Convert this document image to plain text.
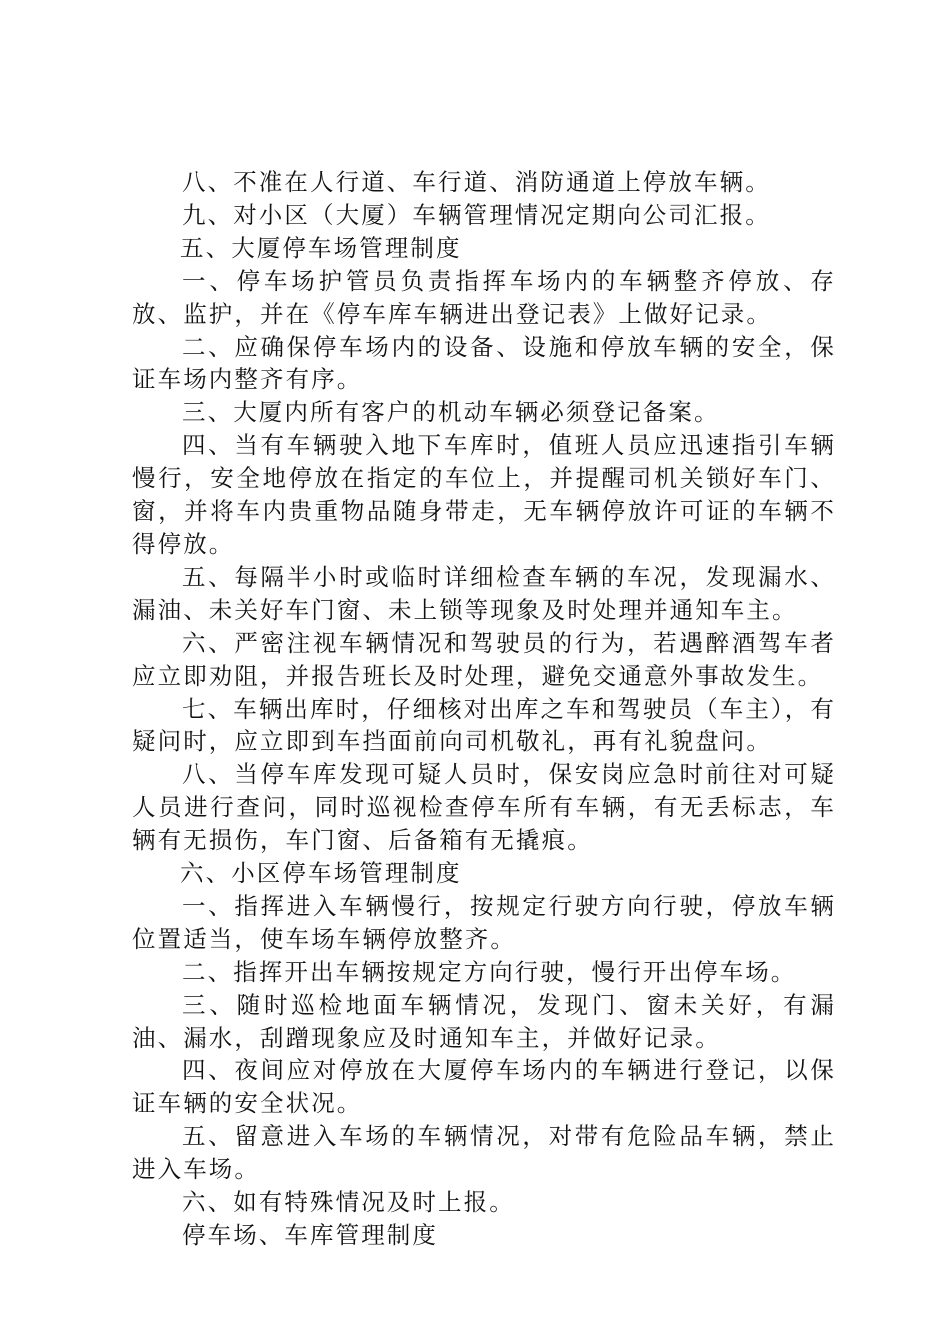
八、不准在人行道、车行道、消防通道上停放车辆。

九、对小区（大厦）车辆管理情况定期向公司汇报。

五、大厦停车场管理制度

一、停车场护管员负责指挥车场内的车辆整齐停放、存放、监护，并在《停车库车辆进出登记表》上做好记录。

二、应确保停车场内的设备、设施和停放车辆的安全，保证车场内整齐有序。

三、大厦内所有客户的机动车辆必须登记备案。

四、当有车辆驶入地下车库时，值班人员应迅速指引车辆慢行，安全地停放在指定的车位上，并提醒司机关锁好车门、窗，并将车内贵重物品随身带走，无车辆停放许可证的车辆不得停放。

五、每隔半小时或临时详细检查车辆的车况，发现漏水、漏油、未关好车门窗、未上锁等现象及时处理并通知车主。

六、严密注视车辆情况和驾驶员的行为，若遇醉酒驾车者应立即劝阻，并报告班长及时处理，避免交通意外事故发生。

七、车辆出库时，仔细核对出库之车和驾驶员（车主），有疑问时，应立即到车挡面前向司机敬礼，再有礼貌盘问。

八、当停车库发现可疑人员时，保安岗应急时前往对可疑人员进行查问，同时巡视检查停车所有车辆，有无丢标志，车辆有无损伤，车门窗、后备箱有无撬痕。

六、小区停车场管理制度

一、指挥进入车辆慢行，按规定行驶方向行驶，停放车辆位置适当，使车场车辆停放整齐。

二、指挥开出车辆按规定方向行驶，慢行开出停车场。

三、随时巡检地面车辆情况，发现门、窗未关好，有漏油、漏水，刮蹭现象应及时通知车主，并做好记录。

四、夜间应对停放在大厦停车场内的车辆进行登记，以保证车辆的安全状况。

五、留意进入车场的车辆情况，对带有危险品车辆，禁止进入车场。

六、如有特殊情况及时上报。

停车场、车库管理制度
